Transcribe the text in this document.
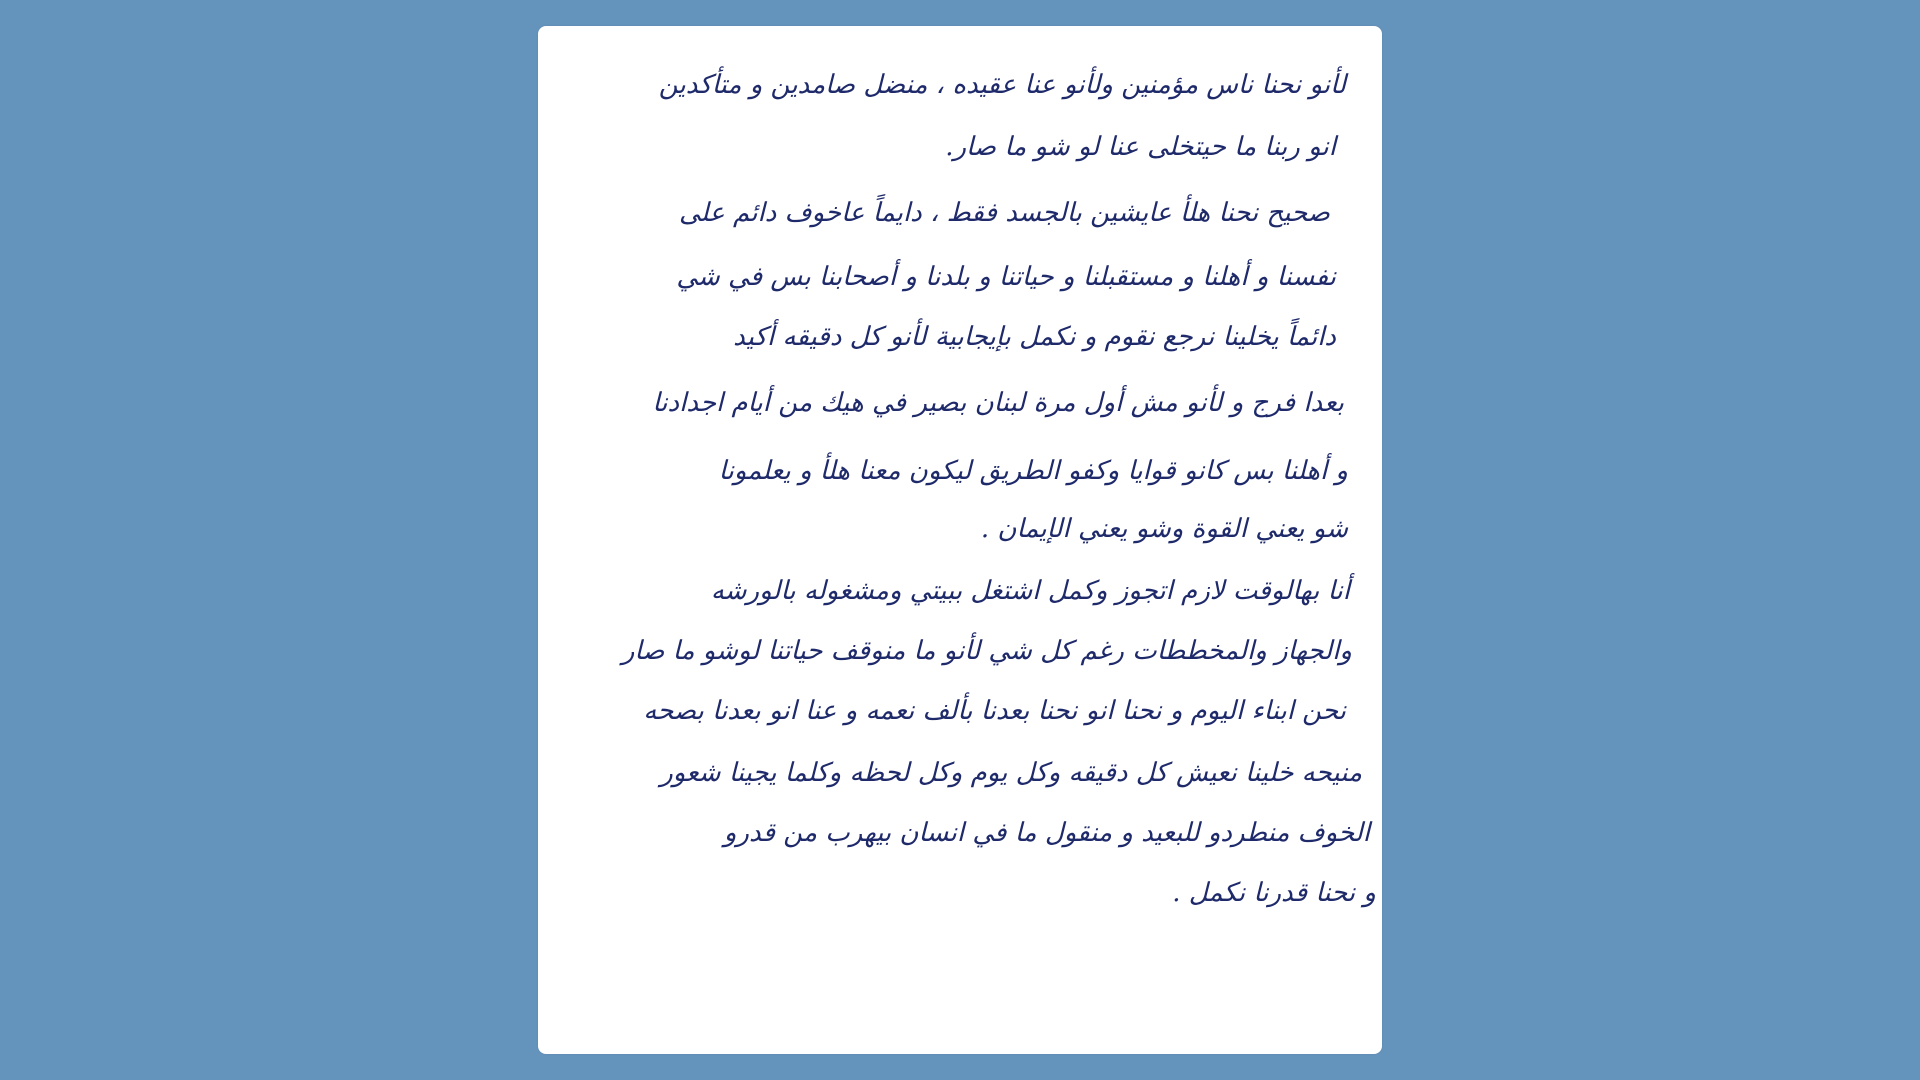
لأنو نحنا ناس مؤمنين ولأنو عنا عقيده ، منضل صامدين و متأكدين
انو ربنا ما حيتخلى عنا لو شو ما صار.
صحيح نحنا هلأ عايشين بالجسد فقط ، دايماً عاخوف دائم على
نفسنا و أهلنا و مستقبلنا و حياتنا و بلدنا و أصحابنا بس في شي
دائماً يخلينا نرجع نقوم و نكمل بإيجابية لأنو كل دقيقه أكيد
بعدا فرج و لأنو مش أول مرة لبنان بصير في هيك من أيام اجدادنا
و أهلنا بس كانو قوايا وكفو الطريق ليكون معنا هلأ و يعلمونا
شو يعني القوة وشو يعني الإيمان .
أنا بهالوقت لازم اتجوز وكمل اشتغل ببيتي ومشغوله بالورشه
والجهاز والمخططات رغم كل شي لأنو ما منوقف حياتنا لوشو ما صار
نحن ابناء اليوم و نحنا انو نحنا بعدنا بألف نعمه و عنا انو بعدنا بصحه
منيحه خلينا نعيش كل دقيقه وكل يوم وكل لحظه وكلما يجينا شعور
الخوف منطردو للبعيد و منقول ما في انسان بيهرب من قدرو
و نحنا قدرنا نكمل .
